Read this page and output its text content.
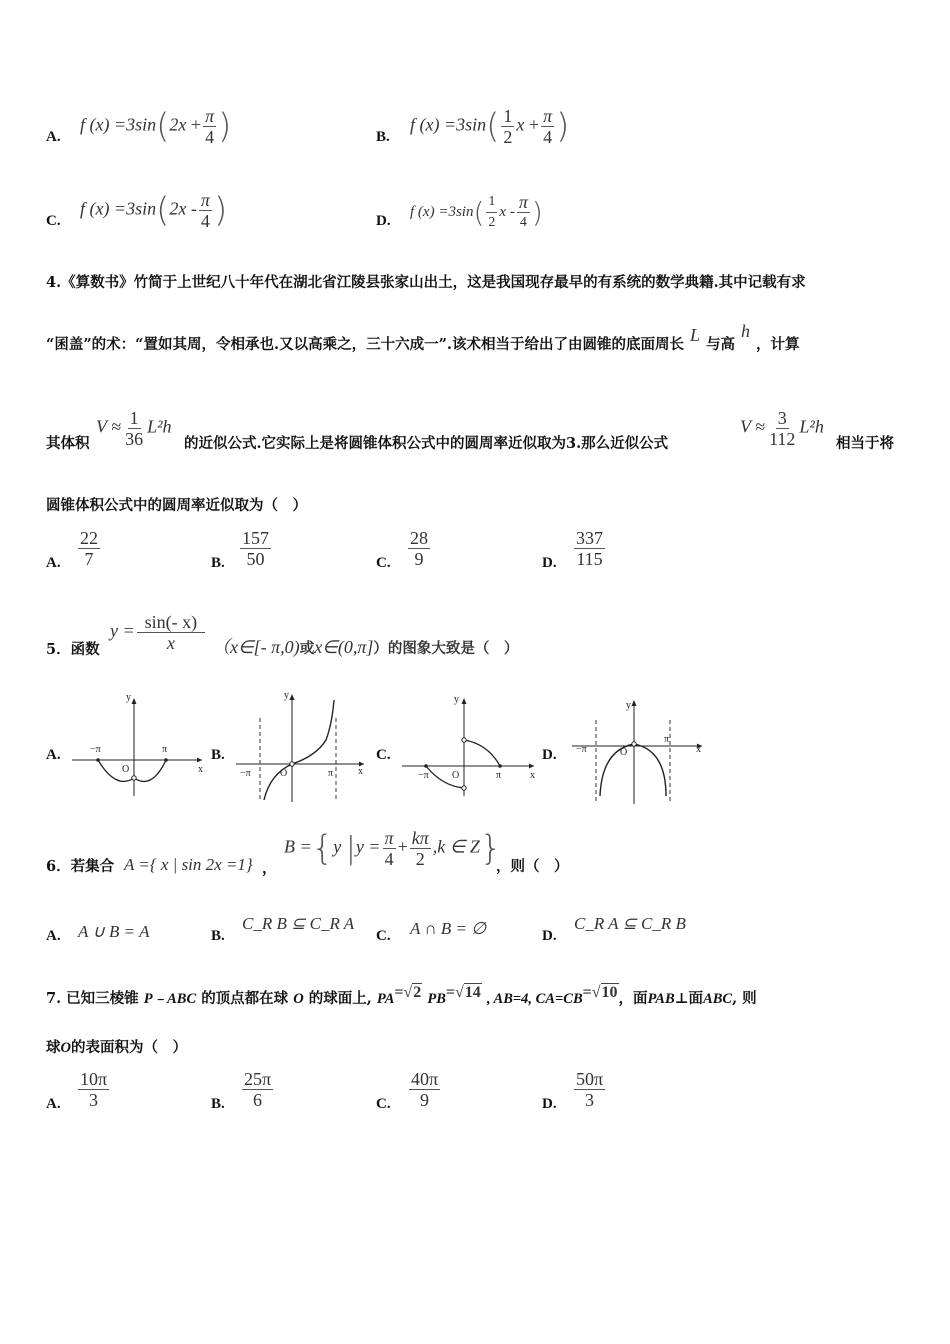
A.
f $(x) =3\sin(2x + \frac{\pi}{4}$ )	B.
f $(x) =3\sin( \frac{1}{2}$ $x + \frac{\pi}{4}$ )
C.
f $(x) =3\sin(2x - \frac{\pi}{4}$ )	D.
f $(x) =3\sin( \frac{1}{2}$ x - $\frac{\pi}{4}$ )
4.《算数书》竹简于上世纪八十年代在湖北省江陵县张家山出土，这是我国现存最早的有系统的数学典籍.其中记载有求
“囷盖”的术：“置如其周，令相承也.又以高乘之，三十六成一”.该术相当于给出了由圆锥的底面周长 L 与高h，计算
其体积
$V \approx \frac{1}{36} L^2h$
的近似公式.它实际上是将圆锥体积公式中的圆周率近似取为3.那么近似公式
$V \approx \frac{3}{112} L^2h$
相当于将
圆锥体积公式中的圆周率近似取为（　）
A. $\frac{22}{7}$	B. $\frac{157}{50}$	C. $\frac{28}{9}$	D. $\frac{337}{115}$
5．函数
$y = \frac{\sin(- x)}{x}$ （x∈[- π,0)或x∈(0,π]）的图象大致是（　）
A.	B.	C.	D.
y
x
O
−π	π
y
x
O
−π	π
y
x
O
−π	π
y
x
O
−π
π
6．若集合 A ={ x | sin 2x =1} ，
B ={y $|y = \frac{\pi}{4} + \frac{k\pi}{2} ,k$ ∈ Z}
，则（　）
A. A ∪ B = A	B.
C_R B ⊆ C_R A
C. A ∩ B = ∅	D.
C_R A ⊆ C_R B
7. 已知三棱锥 P﹣ABC 的顶点都在球 O 的球面上, PA=√2 PB=√14 , AB=4, CA=CB=√10，面PAB⊥面ABC, 则
球O的表面积为（　）
A. $\frac{10\pi}{3}$	B. $\frac{25\pi}{6}$	C. $\frac{40\pi}{9}$	D. $\frac{50\pi}{3}$
